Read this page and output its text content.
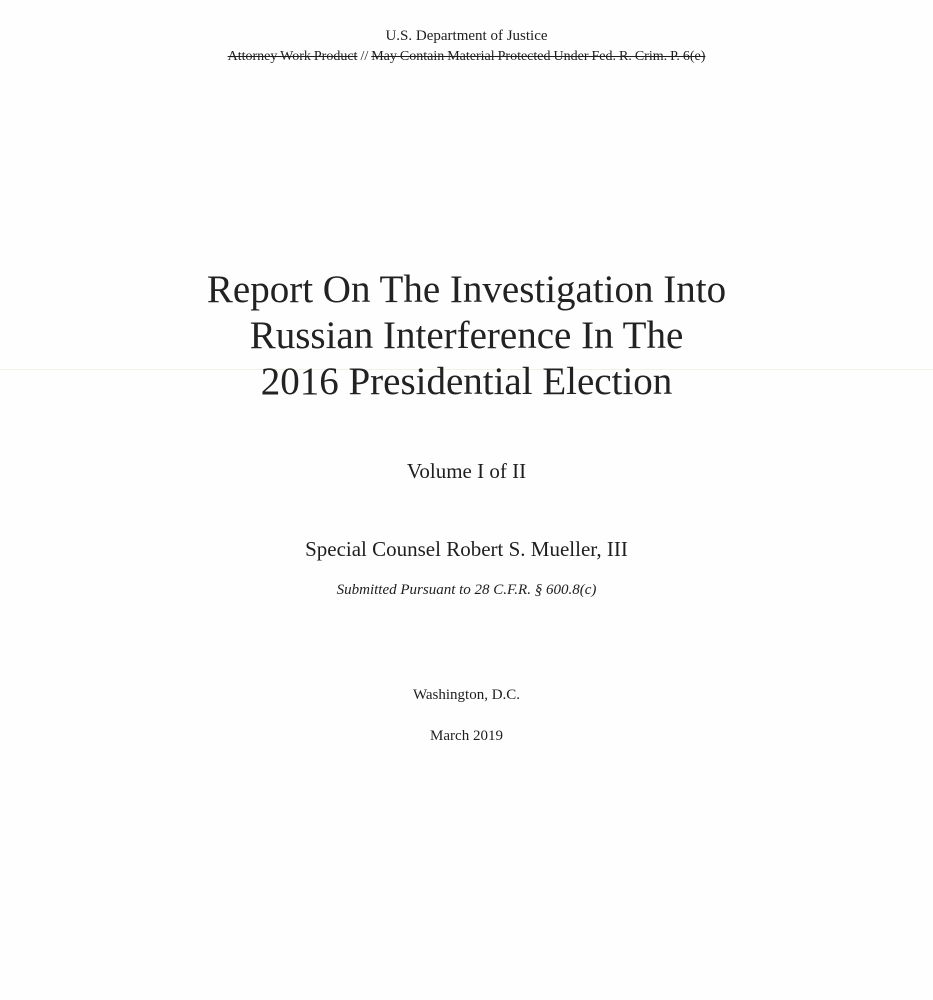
U.S. Department of Justice
Attorney Work Product // May Contain Material Protected Under Fed. R. Crim. P. 6(e)
Report On The Investigation Into
Russian Interference In The
2016 Presidential Election
Volume I of II
Special Counsel Robert S. Mueller, III
Submitted Pursuant to 28 C.F.R. § 600.8(c)
Washington, D.C.
March 2019
